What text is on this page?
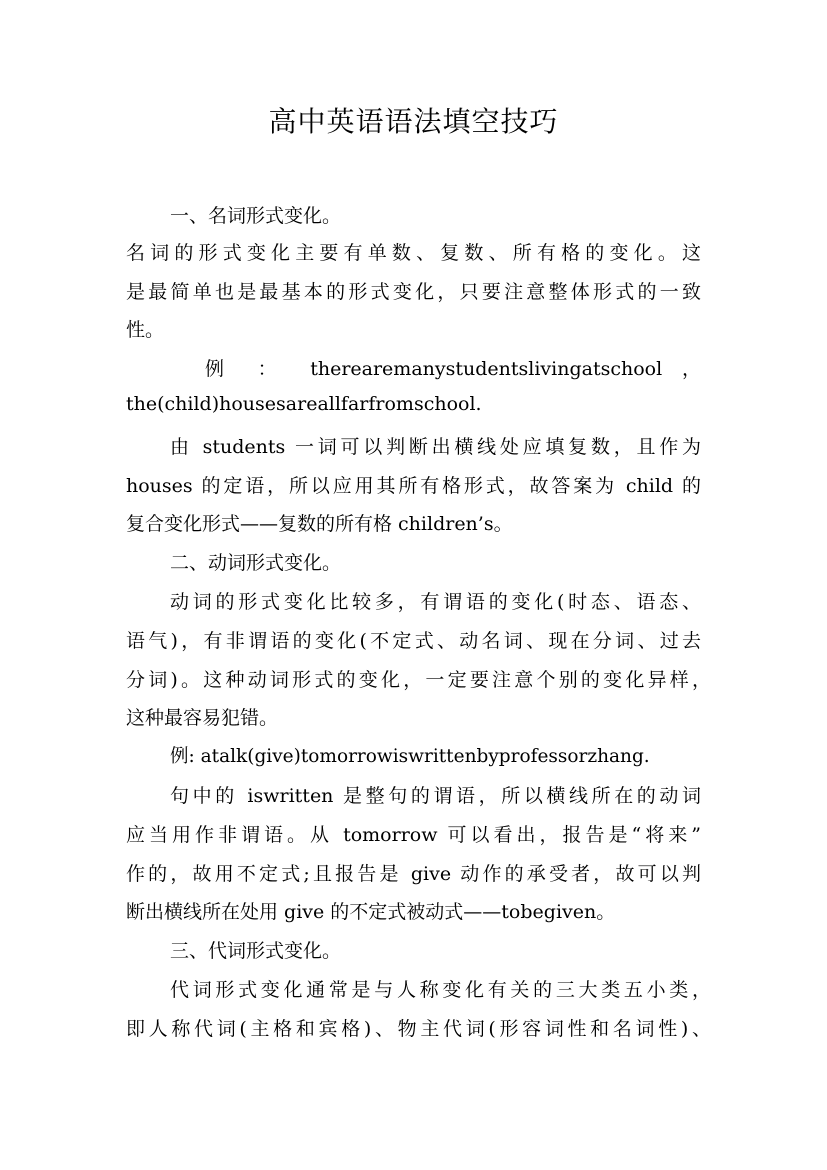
高中英语语法填空技巧

一、名词形式变化。

名词的形式变化主要有单数、复数、所有格的变化。这

是最简单也是最基本的形式变化，只要注意整体形式的一致

性。

例 ： therearemanystudentslivingatschool ，

the(child)housesareallfarfromschool.

由 students 一词可以判断出横线处应填复数，且作为

houses 的定语，所以应用其所有格形式，故答案为 child 的

复合变化形式——复数的所有格 children’s。

二、动词形式变化。

动词的形式变化比较多，有谓语的变化(时态、语态、

语气)，有非谓语的变化(不定式、动名词、现在分词、过去

分词)。这种动词形式的变化，一定要注意个别的变化异样，

这种最容易犯错。

例: atalk(give)tomorrowiswrittenbyprofessorzhang.

句中的 iswritten 是整句的谓语，所以横线所在的动词

应当用作非谓语。从 tomorrow 可以看出，报告是“将来”

作的，故用不定式;且报告是 give 动作的承受者，故可以判

断出横线所在处用 give 的不定式被动式——tobegiven。

三、代词形式变化。

代词形式变化通常是与人称变化有关的三大类五小类，

即人称代词(主格和宾格)、物主代词(形容词性和名词性)、
